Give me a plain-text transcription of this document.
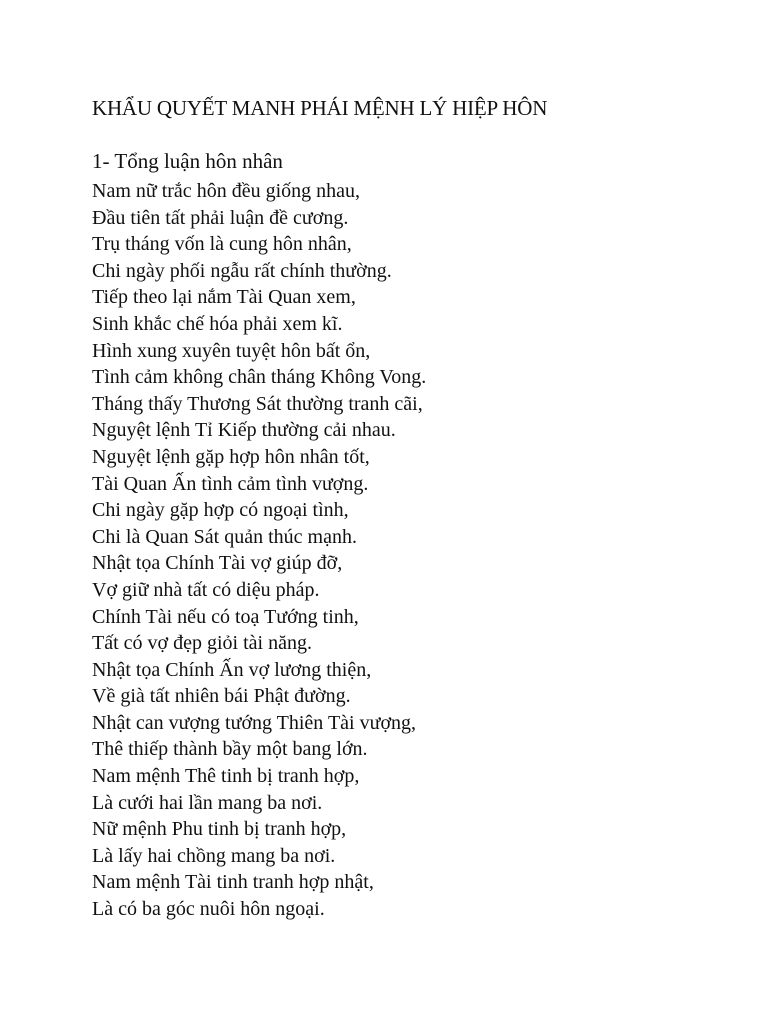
KHẨU QUYẾT MANH PHÁI MỆNH LÝ HIỆP HÔN
1- Tổng luận hôn nhân
Nam nữ trắc hôn đều giống nhau,
Đầu tiên tất phải luận đề cương.
Trụ tháng vốn là cung hôn nhân,
Chi ngày phối ngẫu rất chính thường.
Tiếp theo lại nắm Tài Quan xem,
Sinh khắc chế hóa phải xem kĩ.
Hình xung xuyên tuyệt hôn bất ổn,
Tình cảm không chân tháng Không Vong.
Tháng thấy Thương Sát thường tranh cãi,
Nguyệt lệnh Tỉ Kiếp thường cải nhau.
Nguyệt lệnh gặp hợp hôn nhân tốt,
Tài Quan Ấn tình cảm tình vượng.
Chi ngày gặp hợp có ngoại tình,
Chi là Quan Sát quản thúc mạnh.
Nhật tọa Chính Tài vợ giúp đỡ,
Vợ giữ nhà tất có diệu pháp.
Chính Tài nếu có toạ Tướng tinh,
Tất có vợ đẹp giỏi tài năng.
Nhật tọa Chính Ấn vợ lương thiện,
Về già tất nhiên bái Phật đường.
Nhật can vượng tướng Thiên Tài vượng,
Thê thiếp thành bầy một bang lớn.
Nam mệnh Thê tinh bị tranh hợp,
Là cưới hai lần mang ba nơi.
Nữ mệnh Phu tinh bị tranh hợp,
Là lấy hai chồng mang ba nơi.
Nam mệnh Tài tinh tranh hợp nhật,
Là có ba góc nuôi hôn ngoại.
